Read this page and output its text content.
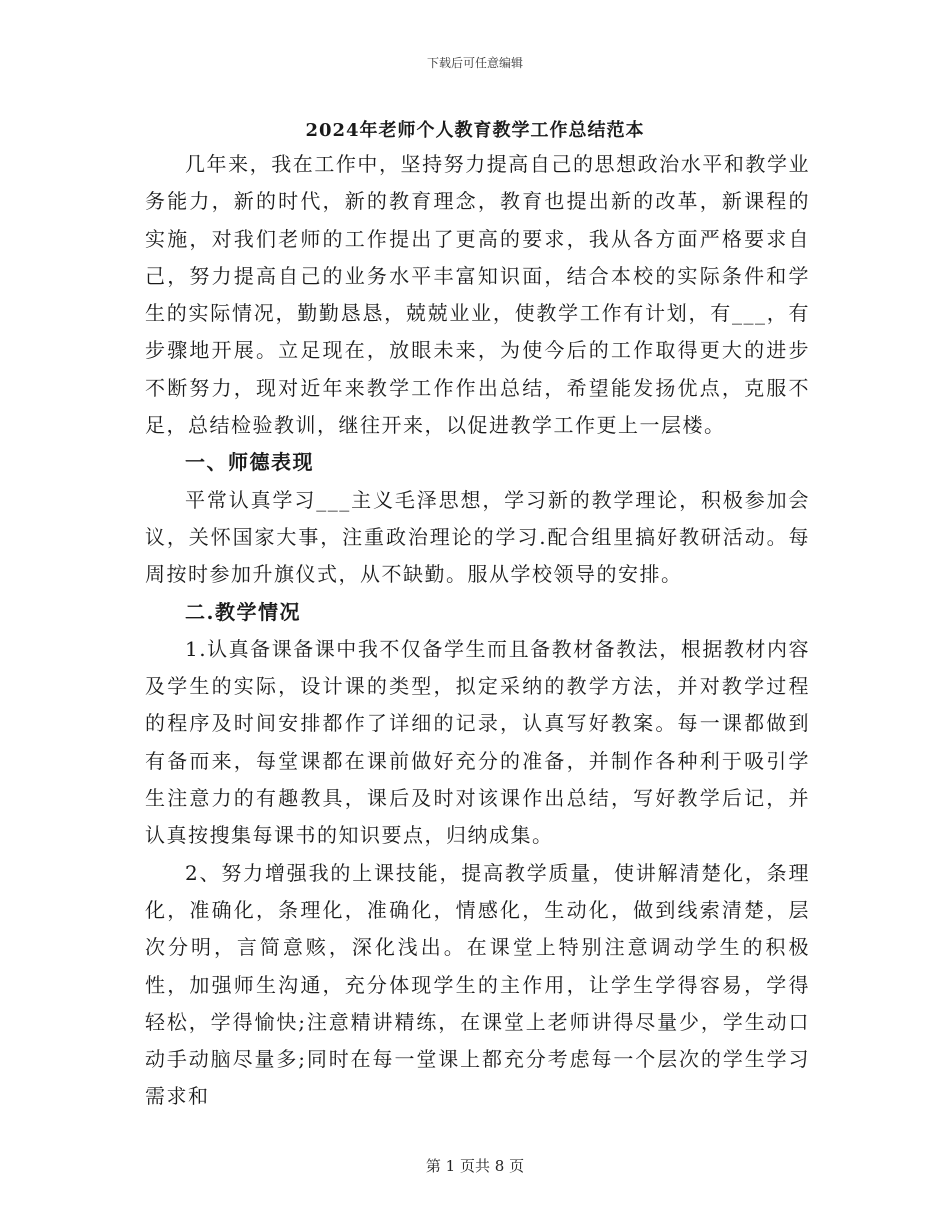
下载后可任意编辑
2024年老师个人教育教学工作总结范本

几年来，我在工作中，坚持努力提高自己的思想政治水平和教学业务能力，新的时代，新的教育理念，教育也提出新的改革，新课程的实施，对我们老师的工作提出了更高的要求，我从各方面严格要求自己，努力提高自己的业务水平丰富知识面，结合本校的实际条件和学生的实际情况，勤勤恳恳，兢兢业业，使教学工作有计划，有___，有步骤地开展。立足现在，放眼未来，为使今后的工作取得更大的进步不断努力，现对近年来教学工作作出总结，希望能发扬优点，克服不足，总结检验教训，继往开来，以促进教学工作更上一层楼。

一、师德表现

平常认真学习___主义毛泽思想，学习新的教学理论，积极参加会议，关怀国家大事，注重政治理论的学习.配合组里搞好教研活动。每周按时参加升旗仪式，从不缺勤。服从学校领导的安排。

二.教学情况

1.认真备课备课中我不仅备学生而且备教材备教法，根据教材内容及学生的实际，设计课的类型，拟定采纳的教学方法，并对教学过程的程序及时间安排都作了详细的记录，认真写好教案。每一课都做到有备而来，每堂课都在课前做好充分的准备，并制作各种利于吸引学生注意力的有趣教具，课后及时对该课作出总结，写好教学后记，并认真按搜集每课书的知识要点，归纳成集。

2、努力增强我的上课技能，提高教学质量，使讲解清楚化，条理化，准确化，条理化，准确化，情感化，生动化，做到线索清楚，层次分明，言简意赅，深化浅出。在课堂上特别注意调动学生的积极性，加强师生沟通，充分体现学生的主作用，让学生学得容易，学得轻松，学得愉快;注意精讲精练，在课堂上老师讲得尽量少，学生动口动手动脑尽量多;同时在每一堂课上都充分考虑每一个层次的学生学习需求和

第 1 页共 8 页
